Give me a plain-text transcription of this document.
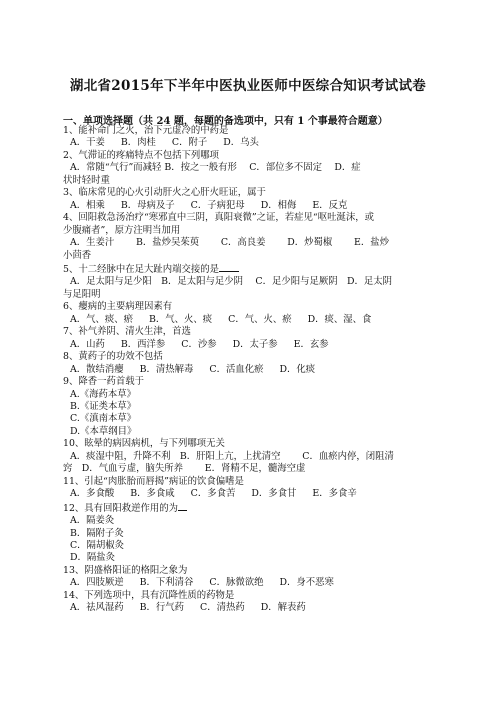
湖北省2015年下半年中医执业医师中医综合知识考试试卷
一、单项选择题（共 24 题，每题的备选项中，只有 1 个事最符合题意）
1、能补命门之火，治下元虚冷的中药是
A．干姜 B．肉桂 C．附子 D．乌头
2、气滞证的疼痛特点不包括下列哪项
A．常随“气行”而减轻 B．按之一般有形　 C．部位多不固定　 D．症
状时轻时重
3、临床常见的心火引动肝火之心肝火旺证，属于
A．相乘 B．母病及子 C．子病犯母 D．相侮 E．反克
4、回阳救急汤治疗“寒邪直中三阴，真阳衰微”之证，若症见“呕吐涎沫，或
少腹痛者”，原方注明当加用
A．生姜汁　　 B．盐炒吴茱萸　　 C．高良姜　　 D．炒蜀椒　　 E．盐炒
小茴香
5、十二经脉中在足大趾内端交接的是
A．足太阳与足少阳　B．足太阳与足少阴　 C．足少阳与足厥阴　D．足太阴
与足阳明
6、瘿病的主要病理因素有
A．气、痰、瘀 B．气、火、痰 C．气、火、瘀 D．痰、湿、食
7、补气养阴、清火生津，首选
A．山药 B．西洋参 C．沙参 D．太子参 E．玄参
8、黄药子的功效不包括
A．散结消瘿 B．清热解毒 C．活血化瘀 D．化痰
9、降香一药首载于
A.《海药本草》
B.《证类本草》
C.《滇南本草》
D.《本草纲目》
10、眩晕的病因病机，与下列哪项无关
A．痰湿中阻，升降不利　B．肝阳上亢，上扰清空　　 C．血瘀内停，闭阻清
窍　D．气血亏虚，脑失所养　　 E．肾精不足，髓海空虚
11、引起“肉胀胎而唇揭”病证的饮食偏嗜是
A．多食酸 B．多食咸 C．多食苦 D．多食甘 E．多食辛
12、具有回阳救逆作用的为
A．隔姜灸
B．隔附子灸
C．隔胡椒灸
D．隔盐灸
13、阴盛格阳证的格阳之象为
A．四肢厥逆 B．下利清谷 C．脉微欲绝 D．身不恶寒
14、下列选项中，具有沉降性质的药物是
A．祛风湿药 B．行气药 C．清热药 D．解表药
